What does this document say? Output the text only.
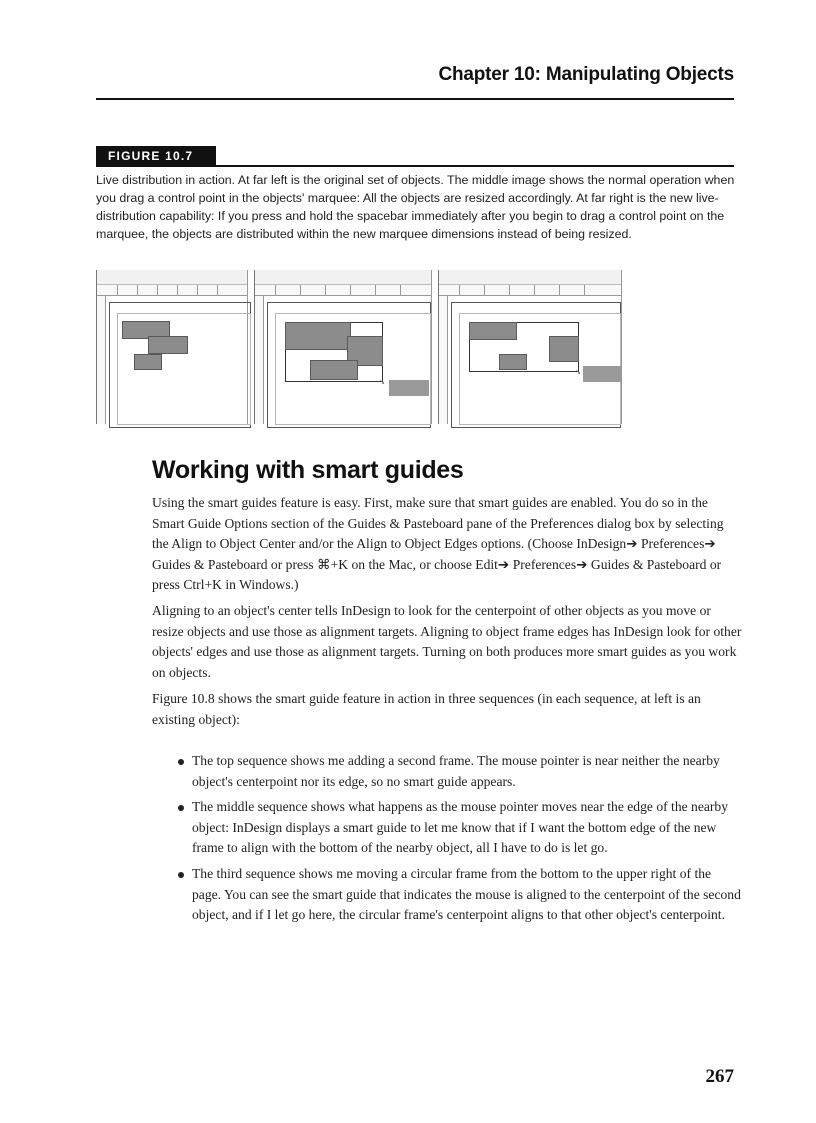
Chapter 10: Manipulating Objects
FIGURE 10.7
Live distribution in action. At far left is the original set of objects. The middle image shows the normal operation when you drag a control point in the objects' marquee: All the objects are resized accordingly. At far right is the new live-distribution capability: If you press and hold the spacebar immediately after you begin to drag a control point on the marquee, the objects are distributed within the new marquee dimensions instead of being resized.
↘
↘
Working with smart guides
Using the smart guides feature is easy. First, make sure that smart guides are enabled. You do so in the Smart Guide Options section of the Guides & Pasteboard pane of the Preferences dialog box by selecting the Align to Object Center and/or the Align to Object Edges options. (Choose InDesign➔ Preferences➔ Guides & Pasteboard or press ⌘+K on the Mac, or choose Edit➔ Preferences➔ Guides & Pasteboard or press Ctrl+K in Windows.)
Aligning to an object's center tells InDesign to look for the centerpoint of other objects as you move or resize objects and use those as alignment targets. Aligning to object frame edges has InDesign look for other objects' edges and use those as alignment targets. Turning on both produces more smart guides as you work on objects.
Figure 10.8 shows the smart guide feature in action in three sequences (in each sequence, at left is an existing object):
The top sequence shows me adding a second frame. The mouse pointer is near neither the nearby object's centerpoint nor its edge, so no smart guide appears.
The middle sequence shows what happens as the mouse pointer moves near the edge of the nearby object: InDesign displays a smart guide to let me know that if I want the bottom edge of the new frame to align with the bottom of the nearby object, all I have to do is let go.
The third sequence shows me moving a circular frame from the bottom to the upper right of the page. You can see the smart guide that indicates the mouse is aligned to the centerpoint of the second object, and if I let go here, the circular frame's centerpoint aligns to that other object's centerpoint.
267
